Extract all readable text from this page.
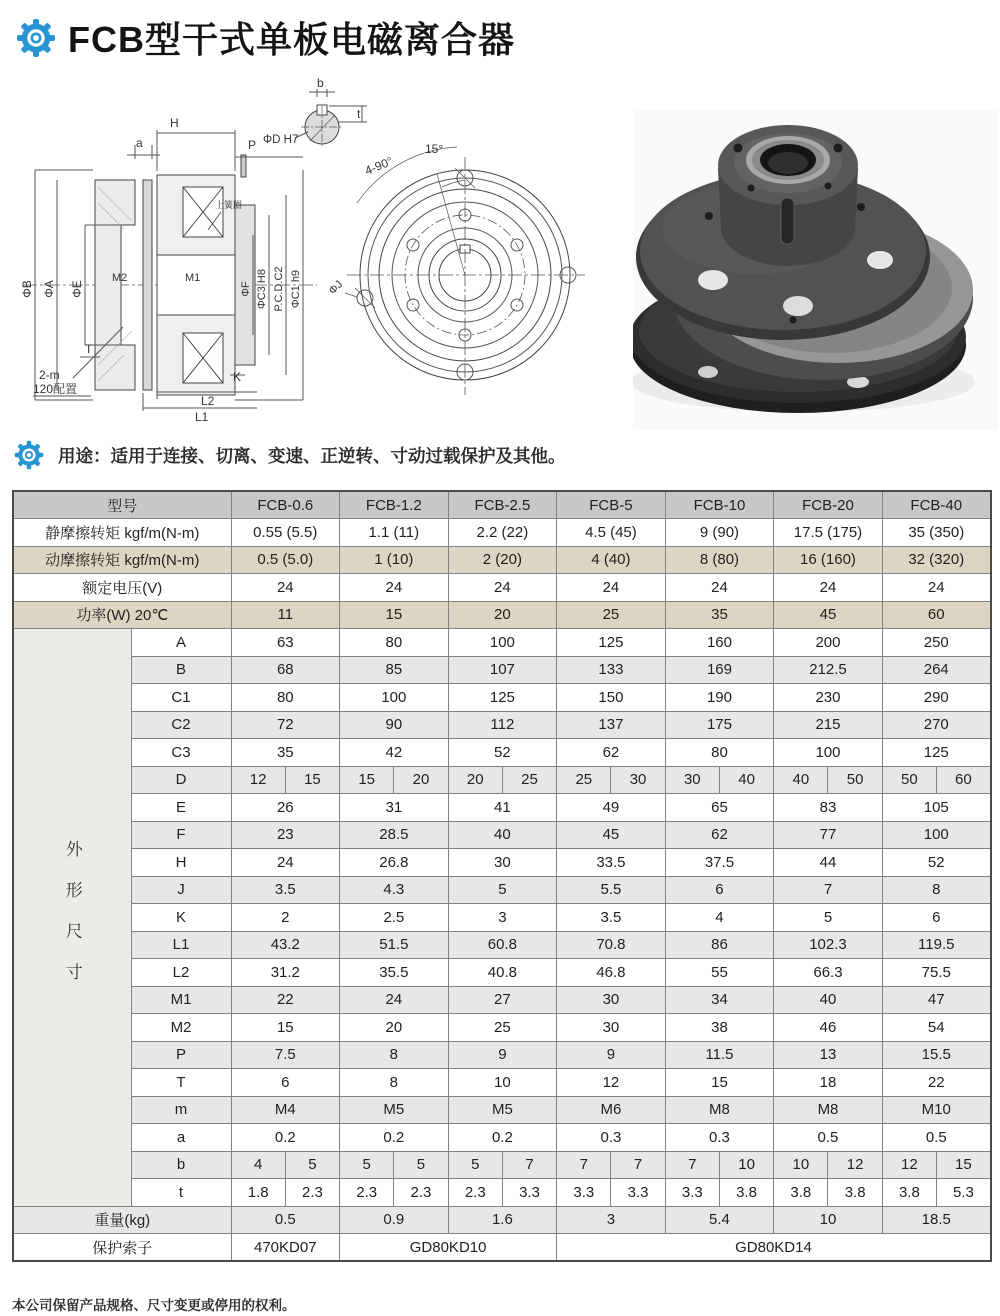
FCB型干式单板电磁离合器
H
a	P
ΦB ΦA ΦE
M2	M1
ΦF ΦC3 H8 P.C.D.C2 ΦC1 h9
T
K
L2
L1
2-m
120配置
上簧圈
b
t
ΦD H7
4-90°
15°
ΦJ
用途：适用于连接、切离、变速、正逆转、寸动过载保护及其他。
型号		FCB-0.6		FCB-1.2		FCB-2.5		FCB-5		FCB-10		FCB-20		FCB-40	
静摩擦转矩 kgf/m(N-m)		0.55 (5.5)		1.1 (11)		2.2 (22)		4.5 (45)		9 (90)		17.5 (175)		35 (350)	
动摩擦转矩 kgf/m(N-m)		0.5 (5.0)		1 (10)		2 (20)		4 (40)		8 (80)		16 (160)		32 (320)	
额定电压(V)		24		24		24		24		24		24		24	
功率(W) 20℃		11		15		20		25		35		45		60	
外形尺寸	A	63		80		100		125		160		200		250	
	B	68		85		107		133		169		212.5		264	
	C1	80		100		125		150		190		230		290	
	C2	72		90		112		137		175		215		270	
	C3	35		42		52		62		80		100		125	
	D	12	15	15	20	20	25	25	30	30	40	40	50	50	60
	E	26		31		41		49		65		83		105	
	F	23		28.5		40		45		62		77		100	
	H	24		26.8		30		33.5		37.5		44		52	
	J	3.5		4.3		5		5.5		6		7		8	
	K	2		2.5		3		3.5		4		5		6	
	L1	43.2		51.5		60.8		70.8		86		102.3		119.5	
	L2	31.2		35.5		40.8		46.8		55		66.3		75.5	
	M1	22		24		27		30		34		40		47	
	M2	15		20		25		30		38		46		54	
	P	7.5		8		9		9		11.5		13		15.5	
	T	6		8		10		12		15		18		22	
	m	M4		M5		M5		M6		M8		M8		M10	
	a	0.2		0.2		0.2		0.3		0.3		0.5		0.5	
	b	4	5	5	5	5	7	7	7	7	10	10	12	12	15
	t	1.8	2.3	2.3	2.3	2.3	3.3	3.3	3.3	3.3	3.8	3.8	3.8	3.8	5.3
重量(kg)		0.5		0.9		1.6		3		5.4		10		18.5	
保护索子		470KD07		GD80KD10				GD80KD14							
本公司保留产品规格、尺寸变更或停用的权利。
